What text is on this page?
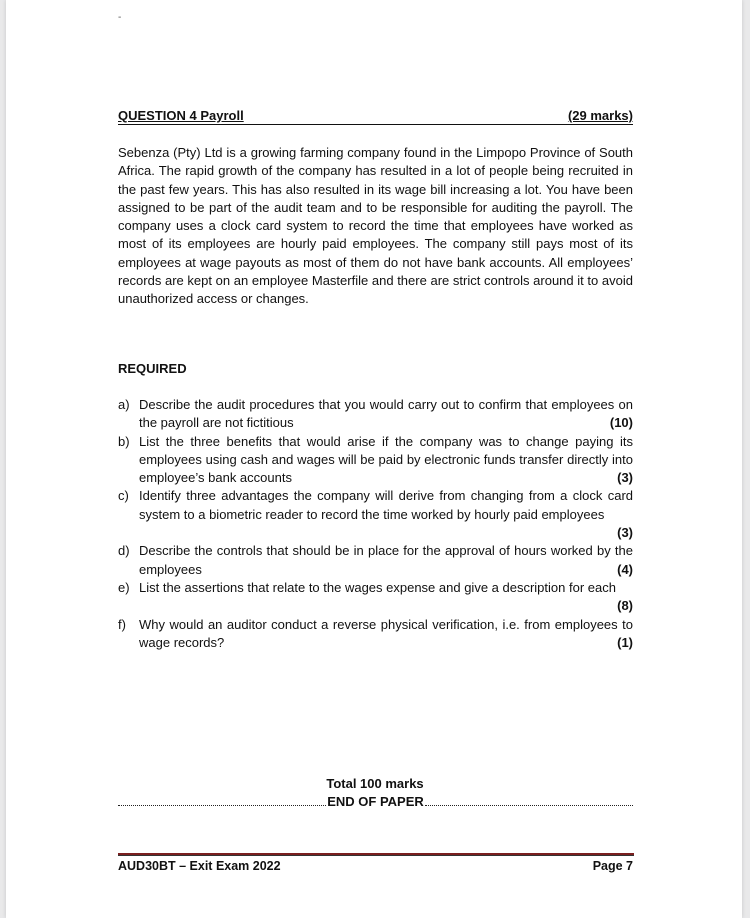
-
QUESTION 4 Payroll	(29 marks)

Sebenza (Pty) Ltd is a growing farming company found in the Limpopo Province of South Africa. The rapid growth of the company has resulted in a lot of people being recruited in the past few years. This has also resulted in its wage bill increasing a lot. You have been assigned to be part of the audit team and to be responsible for auditing the payroll. The company uses a clock card system to record the time that employees have worked as most of its employees are hourly paid employees. The company still pays most of its employees at wage payouts as most of them do not have bank accounts. All employees’ records are kept on an employee Masterfile and there are strict controls around it to avoid unauthorized access or changes.

REQUIRED
a) Describe the audit procedures that you would carry out to confirm that employees on the payroll are not fictitious	(10)
b) List the three benefits that would arise if the company was to change paying its employees using cash and wages will be paid by electronic funds transfer directly into employee’s bank accounts	(3)
c) Identify three advantages the company will derive from changing from a clock card system to a biometric reader to record the time worked by hourly paid employees
(3)
d) Describe the controls that should be in place for the approval of hours worked by the employees	(4)
e) List the assertions that relate to the wages expense and give a description for each
(8)
f) Why would an auditor conduct a reverse physical verification, i.e. from employees to wage records?	(1)
Total 100 marks
END OF PAPER
AUD30BT – Exit Exam 2022	Page 7
